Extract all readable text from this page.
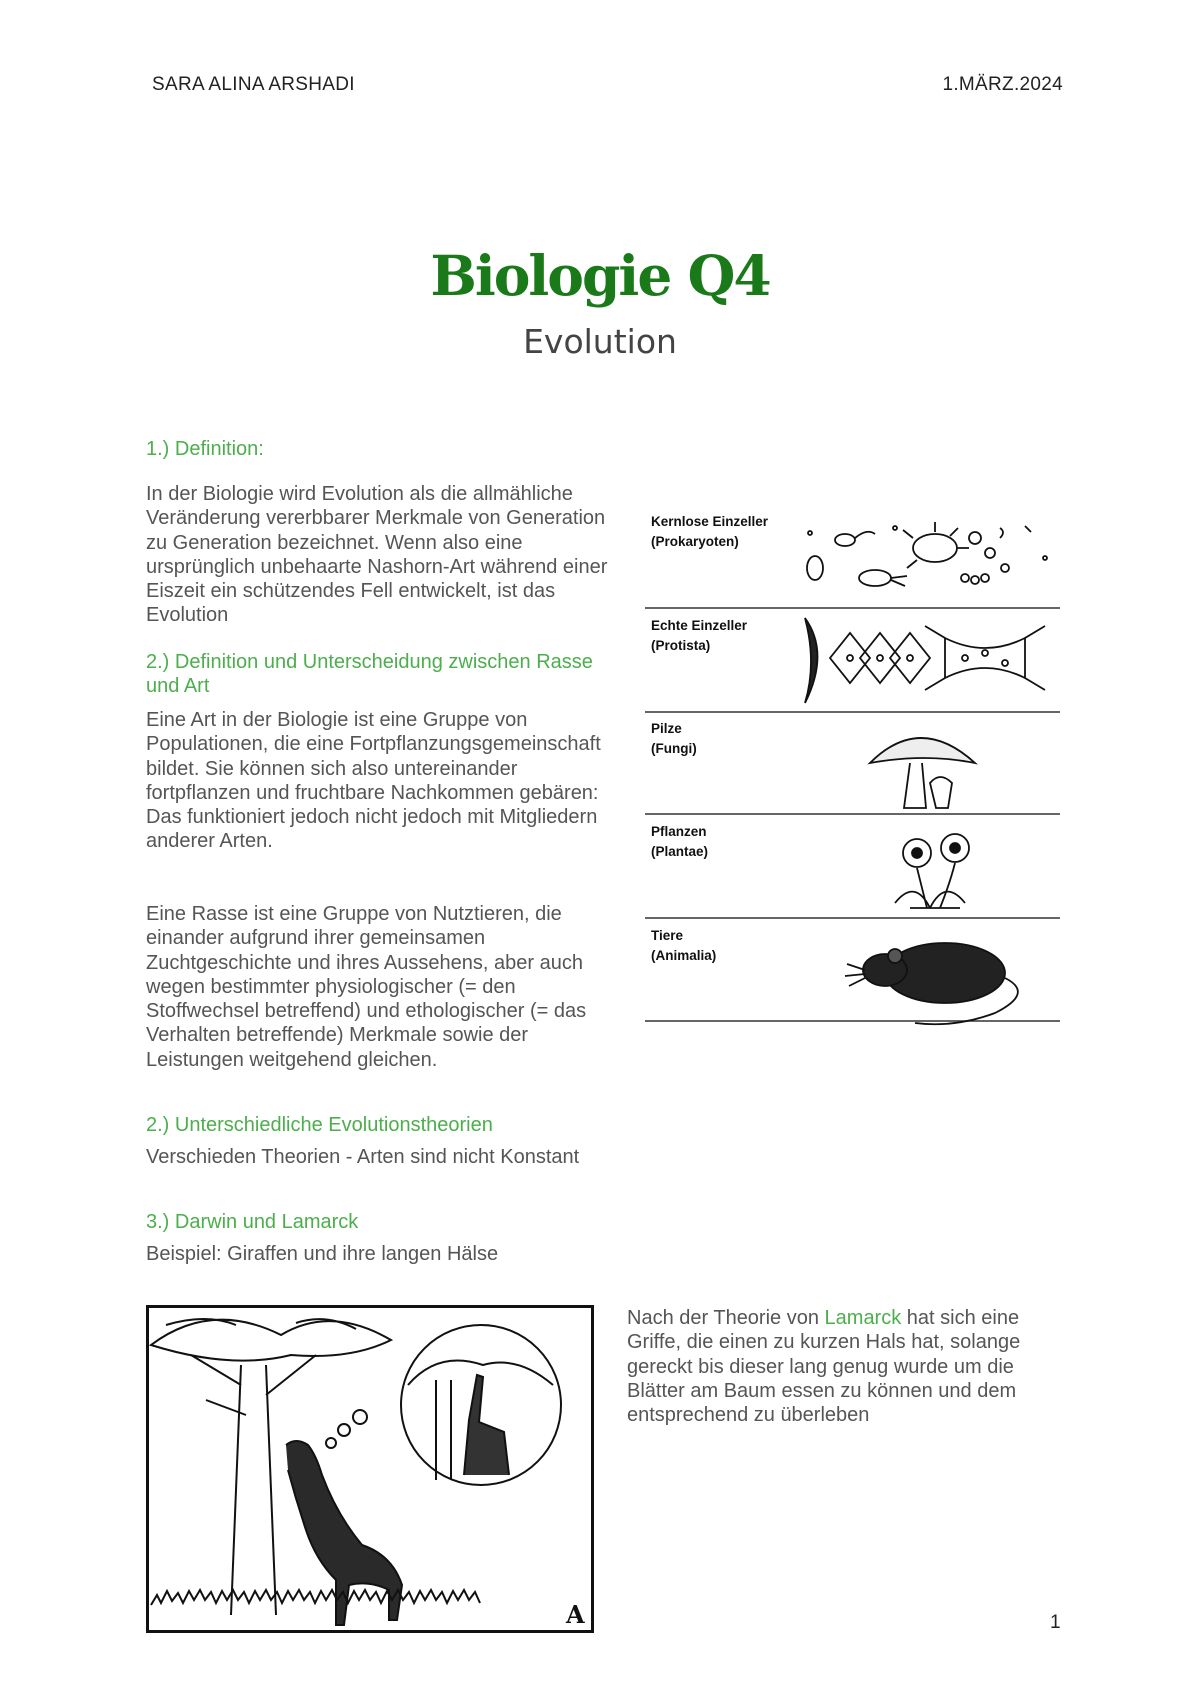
SARA ALINA ARSHADI	1.MÄRZ.2024
Biologie Q4
Evolution
1.) Definition:
In der Biologie wird Evolution als die allmähliche Veränderung vererbbarer Merkmale von Generation zu Generation bezeichnet. Wenn also eine ursprünglich unbehaarte Nashorn-Art während einer Eiszeit ein schützendes Fell entwickelt, ist das Evolution
2.) Definition und Unterscheidung zwischen Rasse und Art
Eine Art in der Biologie ist eine Gruppe von Populationen, die eine Fortpflanzungsgemeinschaft bildet. Sie können sich also untereinander fortpflanzen und fruchtbare Nachkommen gebären: Das funktioniert jedoch nicht jedoch mit Mitgliedern anderer Arten.
Eine Rasse ist eine Gruppe von Nutztieren, die einander aufgrund ihrer gemeinsamen Zuchtgeschichte und ihres Aussehens, aber auch wegen bestimmter physiologischer (= den Stoffwechsel betreffend) und ethologischer (= das Verhalten betreffende) Merkmale sowie der Leistungen weitgehend gleichen.
2.) Unterschiedliche Evolutionstheorien
Verschieden Theorien - Arten sind nicht Konstant
3.) Darwin und Lamarck
Beispiel: Giraffen und ihre langen Hälse
Nach der Theorie von Lamarck hat sich eine Griffe, die einen zu kurzen Hals hat, solange gereckt bis dieser lang genug wurde um die Blätter am Baum essen zu können und dem entsprechend zu überleben
Kernlose Einzeller
(Prokaryoten)
Echte Einzeller
(Protista)
Pilze
(Fungi)
Pflanzen
(Plantae)
Tiere
(Animalia)
A	1
